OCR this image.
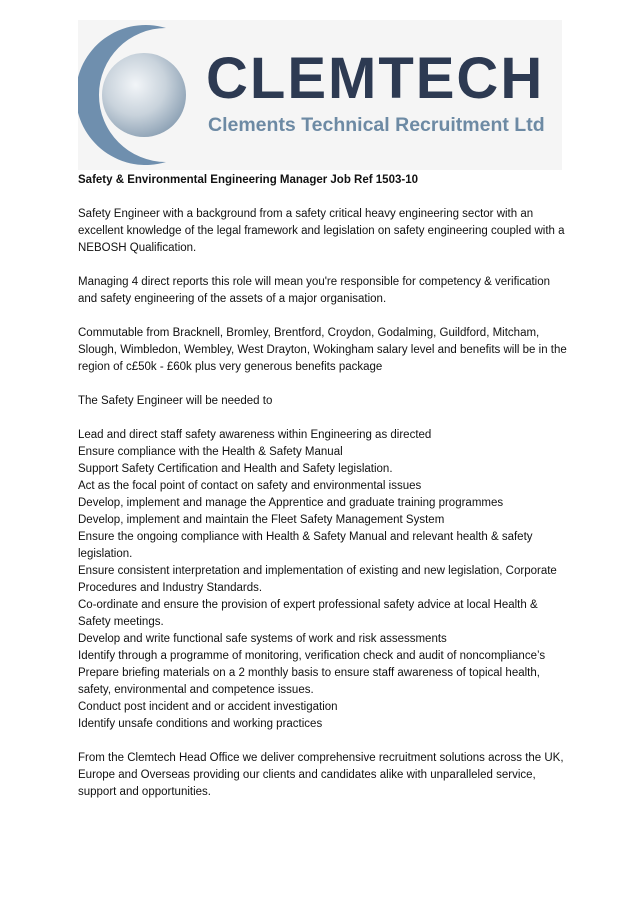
CLEMTECH
Clements Technical Recruitment Ltd

Safety & Environmental Engineering Manager Job Ref 1503-10

Safety Engineer with a background from a safety critical heavy engineering sector with an excellent knowledge of the legal framework and legislation on safety engineering coupled with a NEBOSH Qualification.

Managing 4 direct reports this role will mean you're responsible for competency & verification and safety engineering of the assets of a major organisation.

Commutable from Bracknell, Bromley, Brentford, Croydon, Godalming, Guildford, Mitcham, Slough, Wimbledon, Wembley, West Drayton, Wokingham salary level and benefits will be in the region of c£50k - £60k plus very generous benefits package

The Safety Engineer will be needed to

Lead and direct staff safety awareness within Engineering as directed
Ensure compliance with the Health & Safety Manual
Support Safety Certification and Health and Safety legislation.
Act as the focal point of contact on safety and environmental issues
Develop, implement and manage the Apprentice and graduate training programmes
Develop, implement and maintain the Fleet Safety Management System
Ensure the ongoing compliance with Health & Safety Manual and relevant health & safety legislation.
Ensure consistent interpretation and implementation of existing and new legislation, Corporate Procedures and Industry Standards.
Co-ordinate and ensure the provision of expert professional safety advice at local Health & Safety meetings.
Develop and write functional safe systems of work and risk assessments
Identify through a programme of monitoring, verification check and audit of noncompliance’s
Prepare briefing materials on a 2 monthly basis to ensure staff awareness of topical health, safety, environmental and competence issues.
Conduct post incident and or accident investigation
Identify unsafe conditions and working practices

From the Clemtech Head Office we deliver comprehensive recruitment solutions across the UK, Europe and Overseas providing our clients and candidates alike with unparalleled service, support and opportunities.
